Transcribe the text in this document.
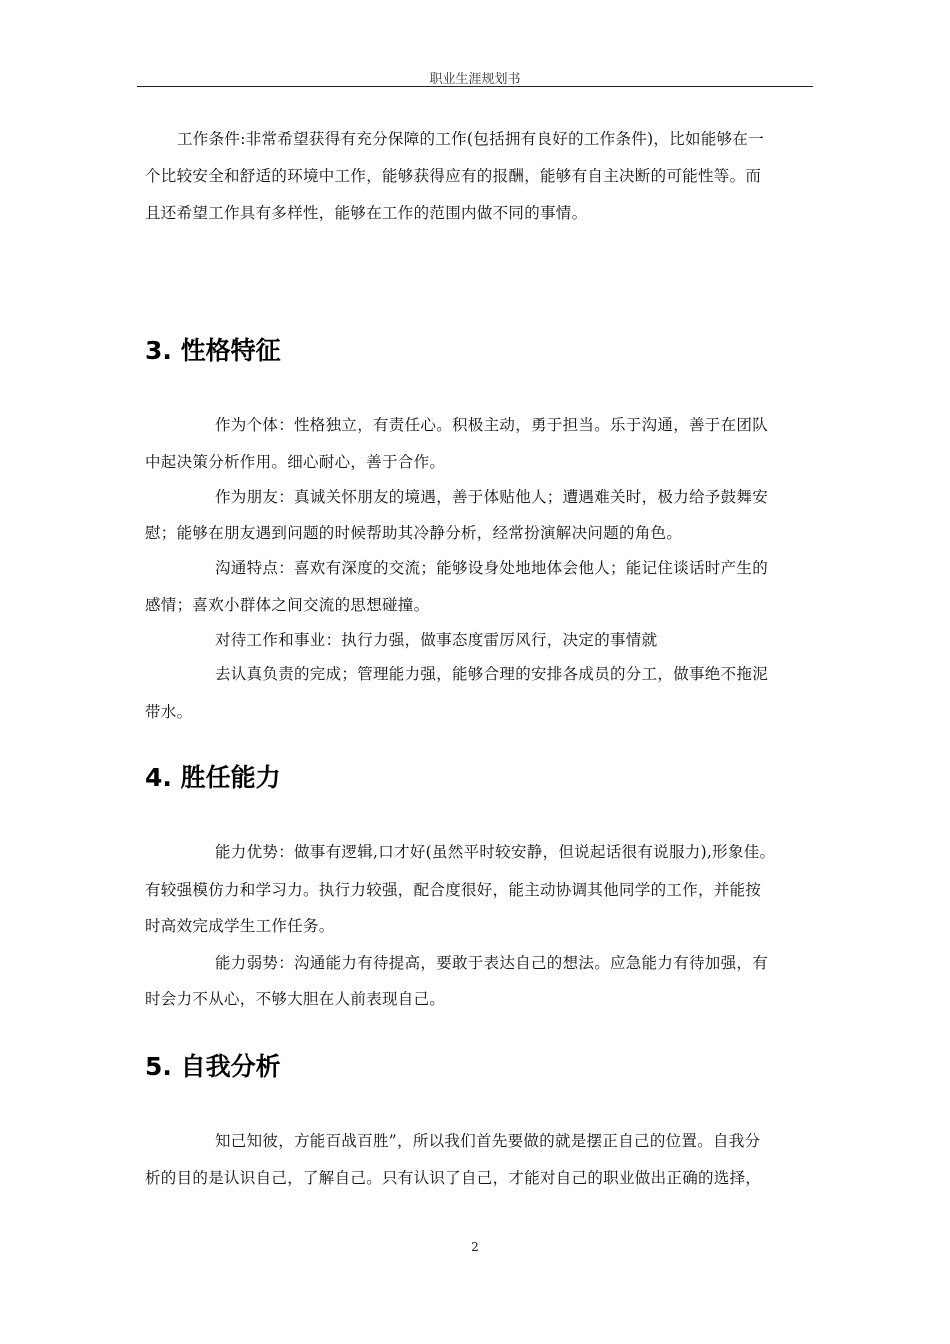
职业生涯规划书
工作条件:非常希望获得有充分保障的工作(包括拥有良好的工作条件)，比如能够在一
个比较安全和舒适的环境中工作，能够获得应有的报酬，能够有自主决断的可能性等。而
且还希望工作具有多样性，能够在工作的范围内做不同的事情。
3. 性格特征
作为个体：性格独立，有责任心。积极主动，勇于担当。乐于沟通，善于在团队
中起决策分析作用。细心耐心，善于合作。
作为朋友：真诚关怀朋友的境遇，善于体贴他人；遭遇难关时，极力给予鼓舞安
慰；能够在朋友遇到问题的时候帮助其冷静分析，经常扮演解决问题的角色。
沟通特点：喜欢有深度的交流；能够设身处地地体会他人；能记住谈话时产生的
感情；喜欢小群体之间交流的思想碰撞。
对待工作和事业：执行力强，做事态度雷厉风行，决定的事情就
去认真负责的完成；管理能力强，能够合理的安排各成员的分工，做事绝不拖泥
带水。
4. 胜任能力
能力优势：做事有逻辑,口才好(虽然平时较安静，但说起话很有说服力),形象佳。
有较强模仿力和学习力。执行力较强，配合度很好，能主动协调其他同学的工作，并能按
时高效完成学生工作任务。
能力弱势：沟通能力有待提高，要敢于表达自己的想法。应急能力有待加强，有
时会力不从心，不够大胆在人前表现自己。
5. 自我分析
知己知彼，方能百战百胜”，所以我们首先要做的就是摆正自己的位置。自我分
析的目的是认识自己，了解自己。只有认识了自己，才能对自己的职业做出正确的选择，
2
